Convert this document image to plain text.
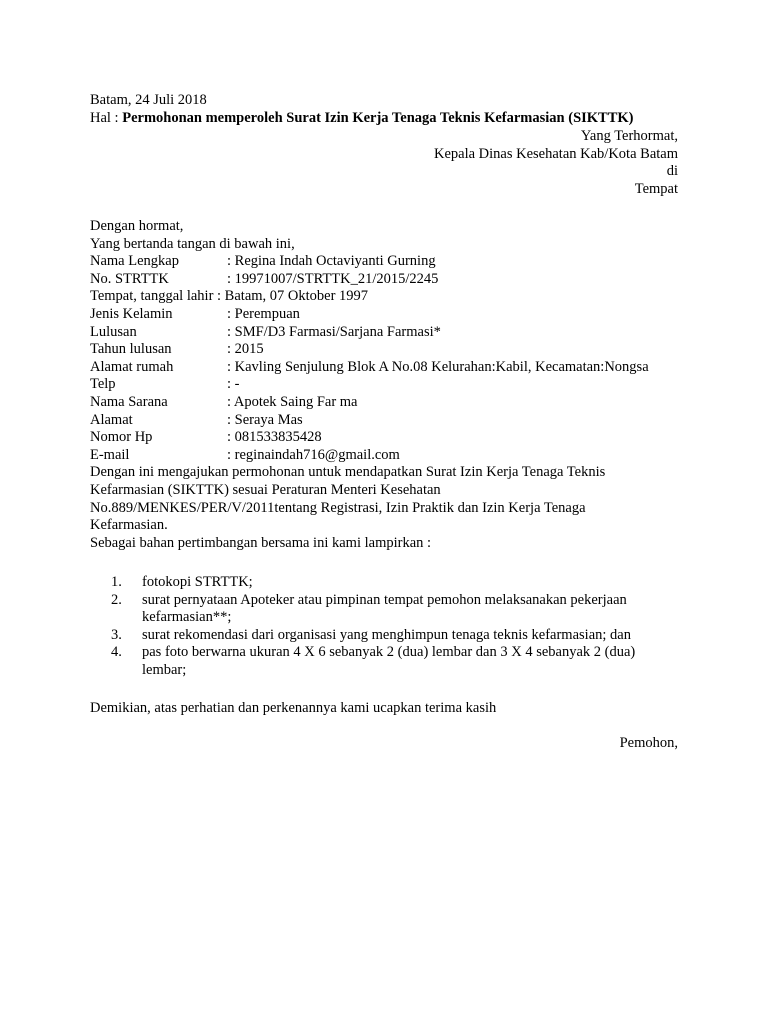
Batam, 24 Juli 2018
Hal : Permohonan memperoleh Surat Izin Kerja Tenaga Teknis Kefarmasian (SIKTTK)
Yang Terhormat,
Kepala Dinas Kesehatan Kab/Kota Batam
di
Tempat
Dengan hormat,
Yang bertanda tangan di bawah ini,
Nama Lengkap	: Regina Indah Octaviyanti Gurning
No. STRTTK	: 19971007/STRTTK_21/2015/2245
Tempat, tanggal lahir : Batam, 07 Oktober 1997
Jenis Kelamin	: Perempuan
Lulusan	: SMF/D3 Farmasi/Sarjana Farmasi*
Tahun lulusan	: 2015
Alamat rumah	: Kavling Senjulung Blok A No.08 Kelurahan:Kabil, Kecamatan:Nongsa
Telp	: -
Nama Sarana	: Apotek Saing Far ma
Alamat	: Seraya Mas
Nomor Hp	: 081533835428
E-mail	: reginaindah716@gmail.com
Dengan ini mengajukan permohonan untuk mendapatkan Surat Izin Kerja Tenaga Teknis
Kefarmasian (SIKTTK) sesuai Peraturan Menteri Kesehatan
No.889/MENKES/PER/V/2011tentang Registrasi, Izin Praktik dan Izin Kerja Tenaga
Kefarmasian.
Sebagai bahan pertimbangan bersama ini kami lampirkan :
1.	fotokopi STRTTK;
2.	surat pernyataan Apoteker atau pimpinan tempat pemohon melaksanakan pekerjaan
kefarmasian**;
3.	surat rekomendasi dari organisasi yang menghimpun tenaga teknis kefarmasian; dan
4.	pas foto berwarna ukuran 4 X 6 sebanyak 2 (dua) lembar dan 3 X 4 sebanyak 2 (dua)
lembar;
Demikian, atas perhatian dan perkenannya kami ucapkan terima kasih
Pemohon,
